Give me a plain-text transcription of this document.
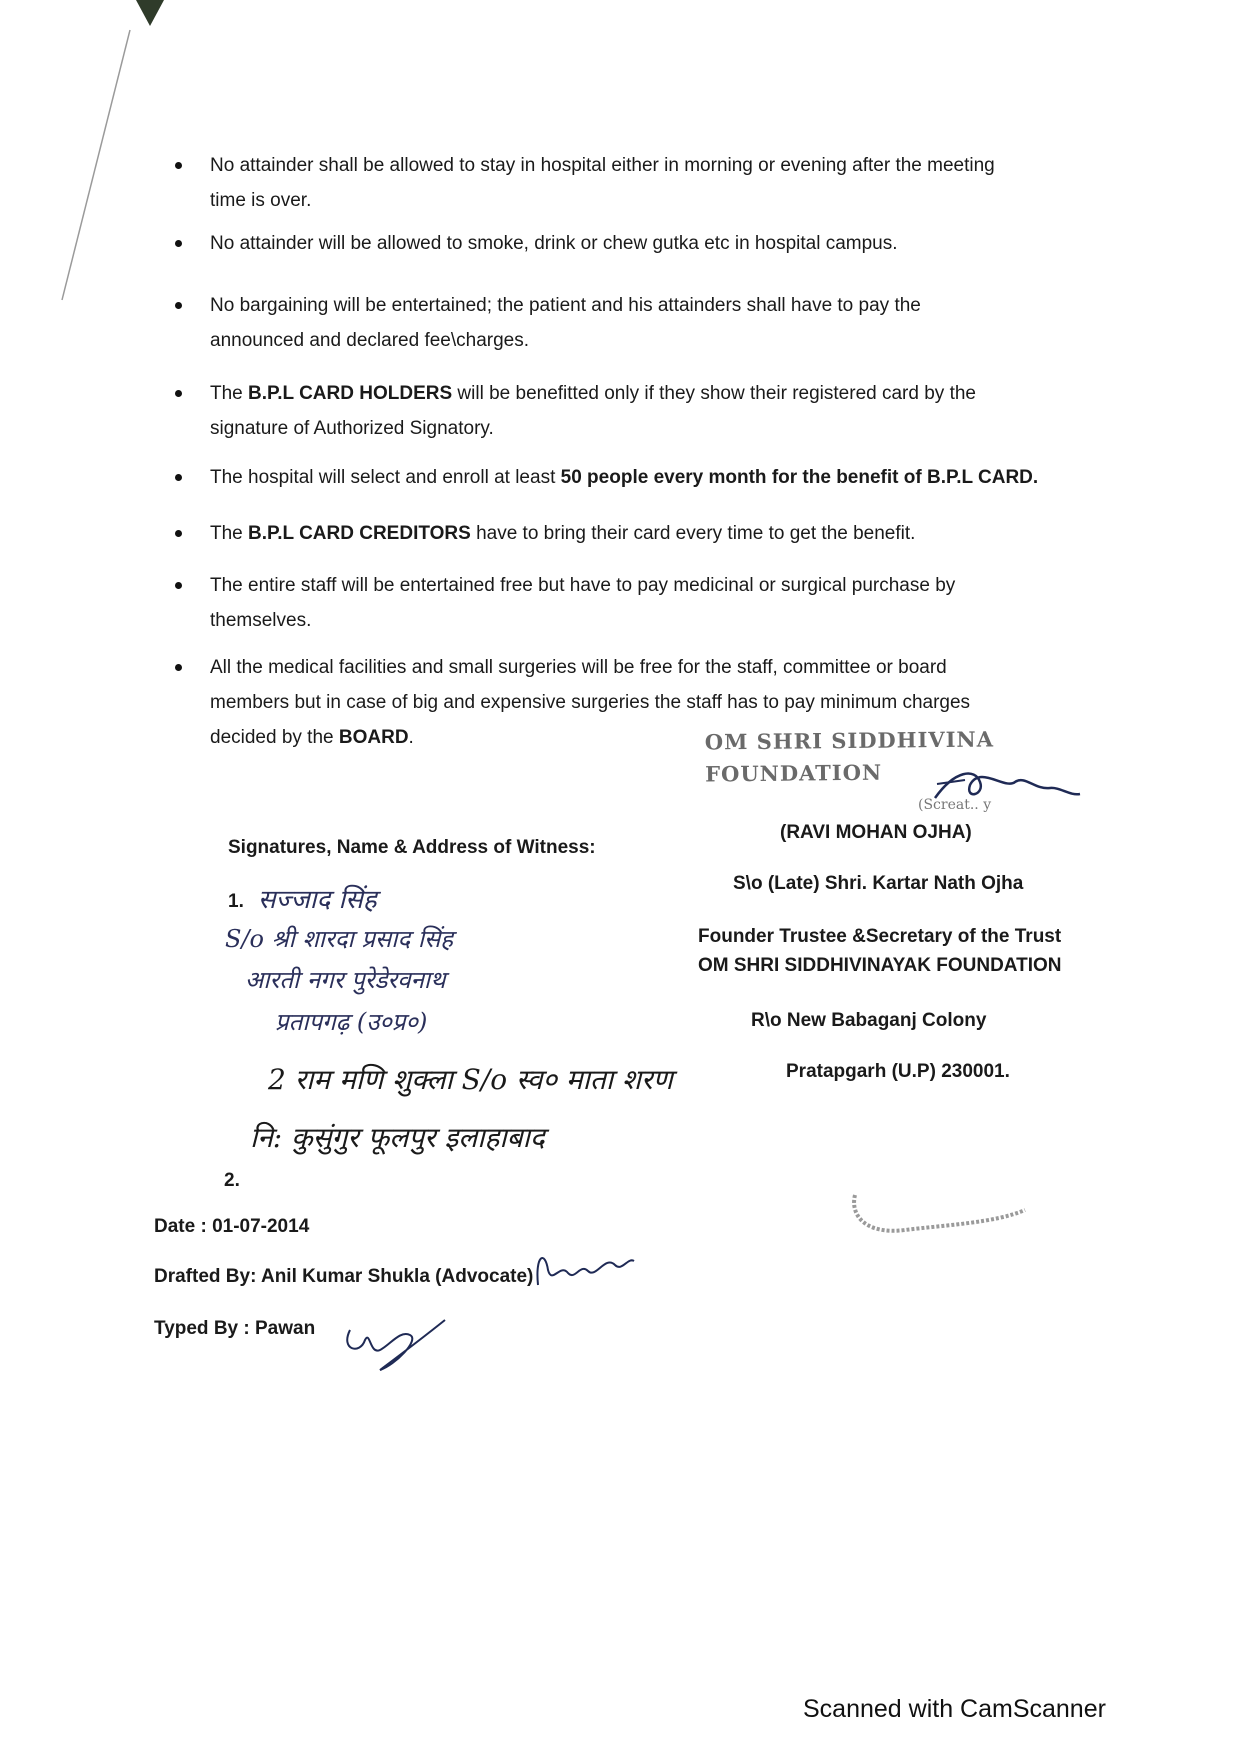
No attainder shall be allowed to stay in hospital either in morning or evening after the meeting
time is over.
No attainder will be allowed to smoke, drink or chew gutka etc in hospital campus.
No bargaining will be entertained; the patient and his attainders shall have to pay the
announced and declared fee\charges.
The B.P.L CARD HOLDERS will be benefitted only if they show their registered card by the
signature of Authorized Signatory.
The hospital will select and enroll at least 50 people every month for the benefit of B.P.L CARD.
The B.P.L CARD CREDITORS have to bring their card every time to get the benefit.
The entire staff will be entertained free but have to pay medicinal or surgical purchase by
themselves.
All the medical facilities and small surgeries will be free for the staff, committee or board
members but in case of big and expensive surgeries the staff has to pay minimum charges
decided by the BOARD.	OM SHRI SIDDHIVINA
FOUNDATION
(Screat.. y
(RAVI MOHAN OJHA)
S\o (Late) Shri. Kartar Nath Ojha
Founder Trustee &Secretary of the Trust
OM SHRI SIDDHIVINAYAK FOUNDATION
R\o New Babaganj Colony
Pratapgarh (U.P) 230001.
Signatures, Name & Address of Witness:
1. सज्जाद सिंह
S/o श्री शारदा प्रसाद सिंह
आरती नगर पुरेडेरवनाथ
प्रतापगढ़ (उ०प्र०)
2 राम मणि शुक्ला S/o स्व० माता शरण
नि: कुसुंगुर फूलपुर इलाहाबाद
2.
Date : 01-07-2014
Drafted By: Anil Kumar Shukla (Advocate)
Typed By : Pawan
Scanned with CamScanner
